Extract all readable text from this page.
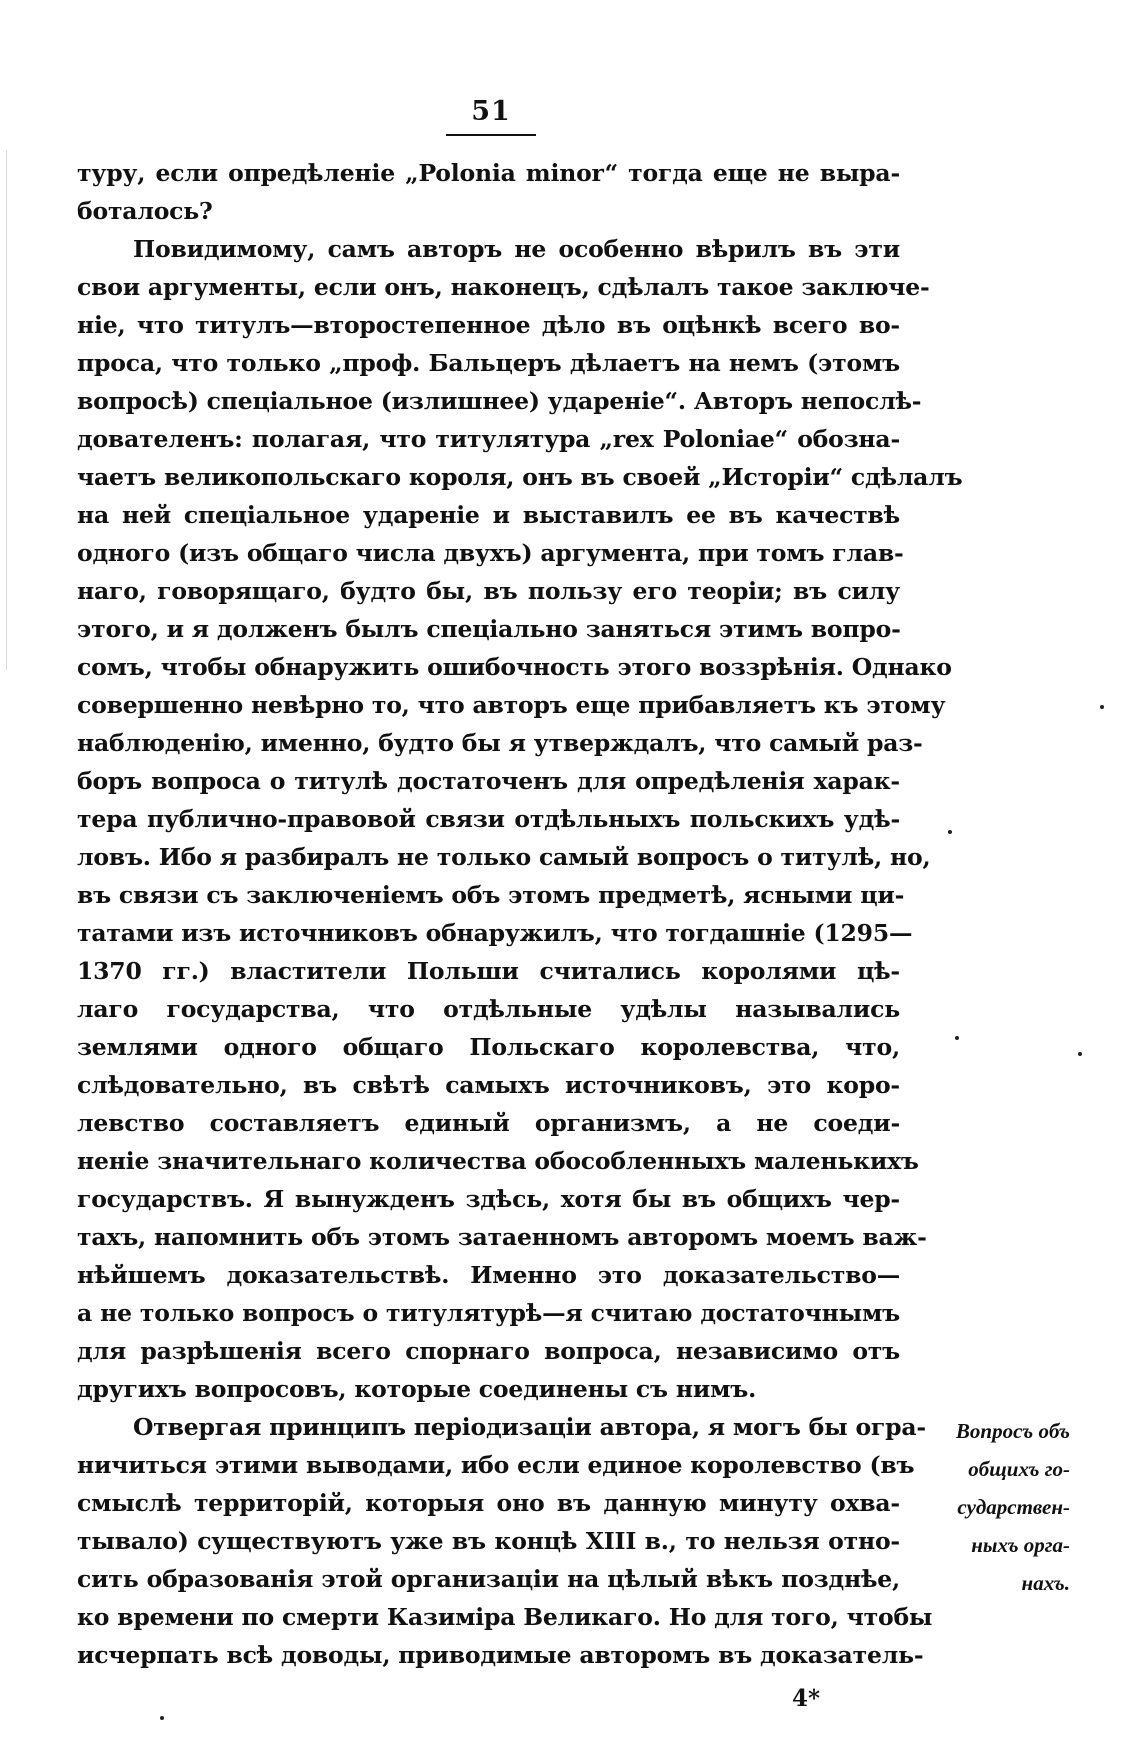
51
туру, если опредѣленіе „Polonia minor“ тогда еще не выра-
боталось?
Повидимому, самъ авторъ не особенно вѣрилъ въ эти
свои аргументы, если онъ, наконецъ, сдѣлалъ такое заключе-
ніе, что титулъ—второстепенное дѣло въ оцѣнкѣ всего во-
проса, что только „проф. Бальцеръ дѣлаетъ на немъ (этомъ
вопросѣ) спеціальное (излишнее) удареніе“. Авторъ непослѣ-
дователенъ: полагая, что титулятура „rex Poloniae“ обозна-
чаетъ великопольскаго короля, онъ въ своей „Исторіи“ сдѣлалъ
на ней спеціальное удареніе и выставилъ ее въ качествѣ
одного (изъ общаго числа двухъ) аргумента, при томъ глав-
наго, говорящаго, будто бы, въ пользу его теоріи; въ силу
этого, и я долженъ былъ спеціально заняться этимъ вопро-
сомъ, чтобы обнаружить ошибочность этого воззрѣнія. Однако
совершенно невѣрно то, что авторъ еще прибавляетъ къ этому
наблюденію, именно, будто бы я утверждалъ, что самый раз-
боръ вопроса о титулѣ достаточенъ для опредѣленія харак-
тера публично-правовой связи отдѣльныхъ польскихъ удѣ-
ловъ. Ибо я разбиралъ не только самый вопросъ о титулѣ, но,
въ связи съ заключеніемъ объ этомъ предметѣ, ясными ци-
татами изъ источниковъ обнаружилъ, что тогдашніе (1295—
1370 гг.) властители Польши считались королями цѣ-
лаго государства, что отдѣльные удѣлы назывались
землями одного общаго Польскаго королевства, что,
слѣдовательно, въ свѣтѣ самыхъ источниковъ, это коро-
левство составляетъ единый организмъ, а не соеди-
неніе значительнаго количества обособленныхъ маленькихъ
государствъ. Я вынужденъ здѣсь, хотя бы въ общихъ чер-
тахъ, напомнить объ этомъ затаенномъ авторомъ моемъ важ-
нѣйшемъ доказательствѣ. Именно это доказательство—
а не только вопросъ о титулятурѣ—я считаю достаточнымъ
для разрѣшенія всего спорнаго вопроса, независимо отъ
другихъ вопросовъ, которые соединены съ нимъ.
Отвергая принципъ періодизаціи автора, я могъ бы огра-
ничиться этими выводами, ибо если единое королевство (въ
смыслѣ территорій, которыя оно въ данную минуту охва-
тывало) существуютъ уже въ концѣ XIII в., то нельзя отно-
сить образованія этой организаціи на цѣлый вѣкъ позднѣе,
ко времени по смерти Казиміра Великаго. Но для того, чтобы
исчерпать всѣ доводы, приводимые авторомъ въ доказатель-
Вопросъ объ
общихъ го-
сударствен-
ныхъ орга-
нахъ.
4*
